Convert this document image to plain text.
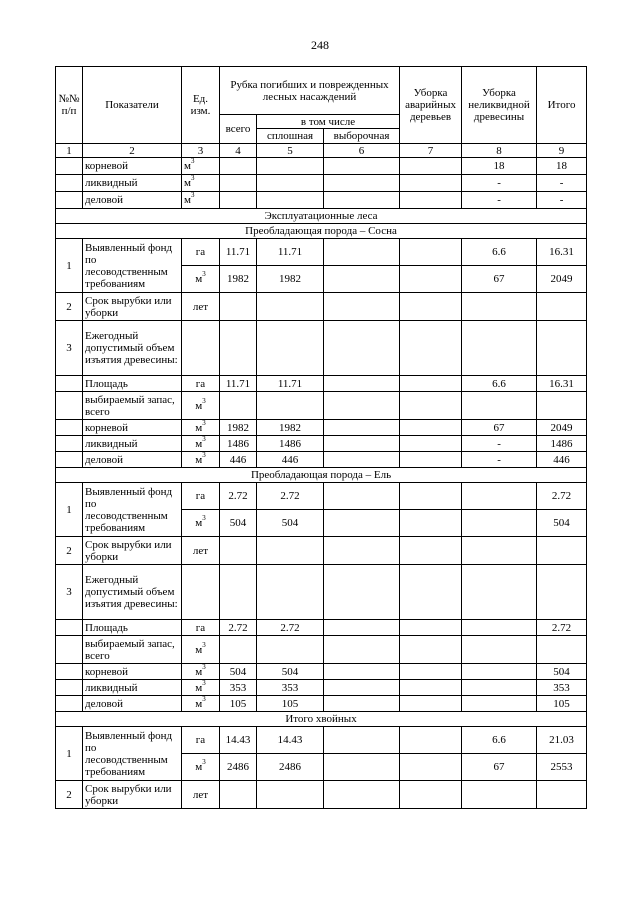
248
№№ п/п	Показатели	Ед. изм.	Рубка погибших и поврежденных лесных насаждений			Уборка аварийных деревьев	Уборка неликвидной древесины	Итого
			всего	в том числе				
				сплошная	выборочная			
1	2	3	4	5	6	7	8	9
	корневой	$м^3$					18	18
	ликвидный	$м^3$					-	-
	деловой	$м^3$					-	-
Эксплуатационные леса								
Преобладающая порода – Сосна								
1	Выявленный фонд по лесоводственным требованиям	га	11.71	11.71			6.6	16.31
		$м^3$	1982	1982			67	2049
2	Срок вырубки или уборки	лет						
3	Ежегодный допустимый объем изъятия древесины:							
	Площадь	га	11.71	11.71			6.6	16.31
	выбираемый запас, всего	$м^3$						
	корневой	$м^3$	1982	1982			67	2049
	ликвидный	$м^3$	1486	1486			-	1486
	деловой	$м^3$	446	446			-	446
Преобладающая порода – Ель								
1	Выявленный фонд по лесоводственным требованиям	га	2.72	2.72				2.72
		$м^3$	504	504				504
2	Срок вырубки или уборки	лет						
3	Ежегодный допустимый объем изъятия древесины:							
	Площадь	га	2.72	2.72				2.72
	выбираемый запас, всего	$м^3$						
	корневой	$м^3$	504	504				504
	ликвидный	$м^3$	353	353				353
	деловой	$м^3$	105	105				105
Итого хвойных								
1	Выявленный фонд по лесоводственным требованиям	га	14.43	14.43			6.6	21.03
		$м^3$	2486	2486			67	2553
2	Срок вырубки или уборки	лет						
